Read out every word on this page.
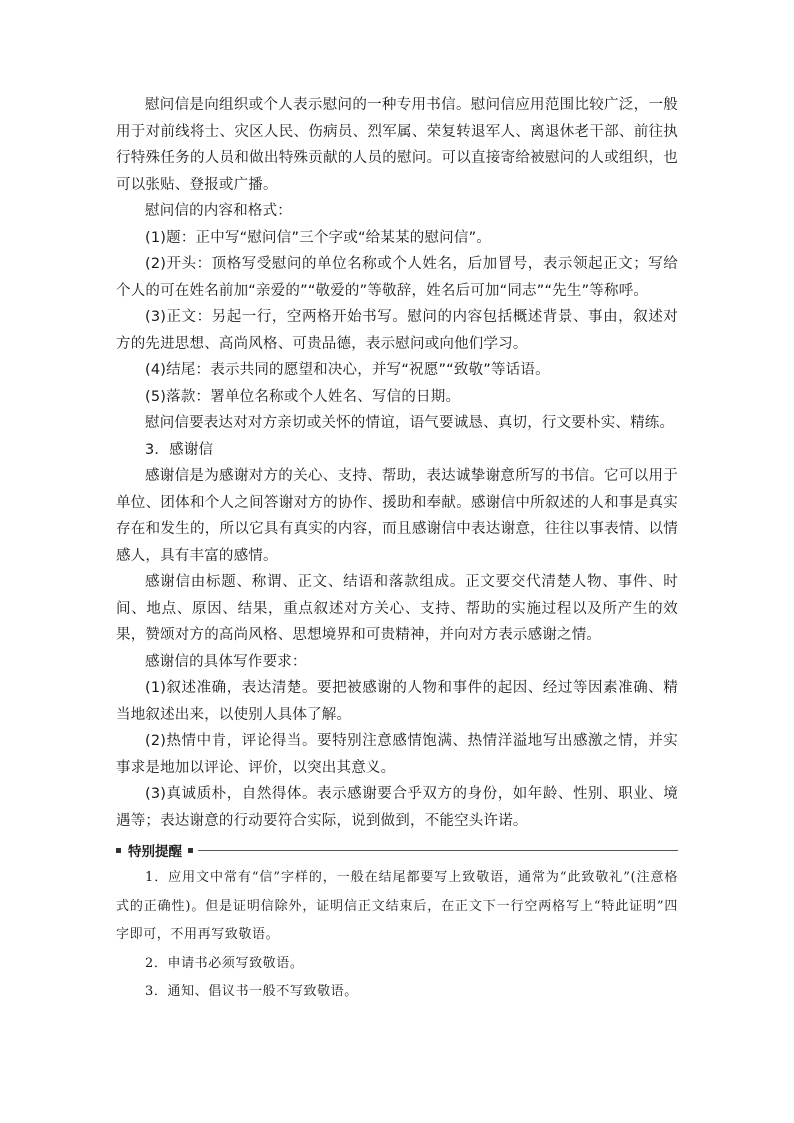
慰问信是向组织或个人表示慰问的一种专用书信。慰问信应用范围比较广泛，一般用于对前线将士、灾区人民、伤病员、烈军属、荣复转退军人、离退休老干部、前往执行特殊任务的人员和做出特殊贡献的人员的慰问。可以直接寄给被慰问的人或组织，也可以张贴、登报或广播。

慰问信的内容和格式：

(1)题：正中写“慰问信”三个字或“给某某的慰问信”。

(2)开头：顶格写受慰问的单位名称或个人姓名，后加冒号，表示领起正文；写给个人的可在姓名前加“亲爱的”“敬爱的”等敬辞，姓名后可加“同志”“先生”等称呼。

(3)正文：另起一行，空两格开始书写。慰问的内容包括概述背景、事由，叙述对方的先进思想、高尚风格、可贵品德，表示慰问或向他们学习。

(4)结尾：表示共同的愿望和决心，并写“祝愿”“致敬”等话语。

(5)落款：署单位名称或个人姓名、写信的日期。

慰问信要表达对对方亲切或关怀的情谊，语气要诚恳、真切，行文要朴实、精练。

3．感谢信

感谢信是为感谢对方的关心、支持、帮助，表达诚挚谢意所写的书信。它可以用于单位、团体和个人之间答谢对方的协作、援助和奉献。感谢信中所叙述的人和事是真实存在和发生的，所以它具有真实的内容，而且感谢信中表达谢意，往往以事表情、以情感人，具有丰富的感情。

感谢信由标题、称谓、正文、结语和落款组成。正文要交代清楚人物、事件、时间、地点、原因、结果，重点叙述对方关心、支持、帮助的实施过程以及所产生的效果，赞颂对方的高尚风格、思想境界和可贵精神，并向对方表示感谢之情。

感谢信的具体写作要求：

(1)叙述准确，表达清楚。要把被感谢的人物和事件的起因、经过等因素准确、精当地叙述出来，以使别人具体了解。

(2)热情中肯，评论得当。要特别注意感情饱满、热情洋溢地写出感激之情，并实事求是地加以评论、评价，以突出其意义。

(3)真诚质朴，自然得体。表示感谢要合乎双方的身份，如年龄、性别、职业、境遇等；表达谢意的行动要符合实际，说到做到，不能空头许诺。

特别提醒

1．应用文中常有“信”字样的，一般在结尾都要写上致敬语，通常为“此致敬礼”(注意格式的正确性)。但是证明信除外，证明信正文结束后，在正文下一行空两格写上“特此证明”四字即可，不用再写致敬语。

2．申请书必须写致敬语。

3．通知、倡议书一般不写致敬语。
